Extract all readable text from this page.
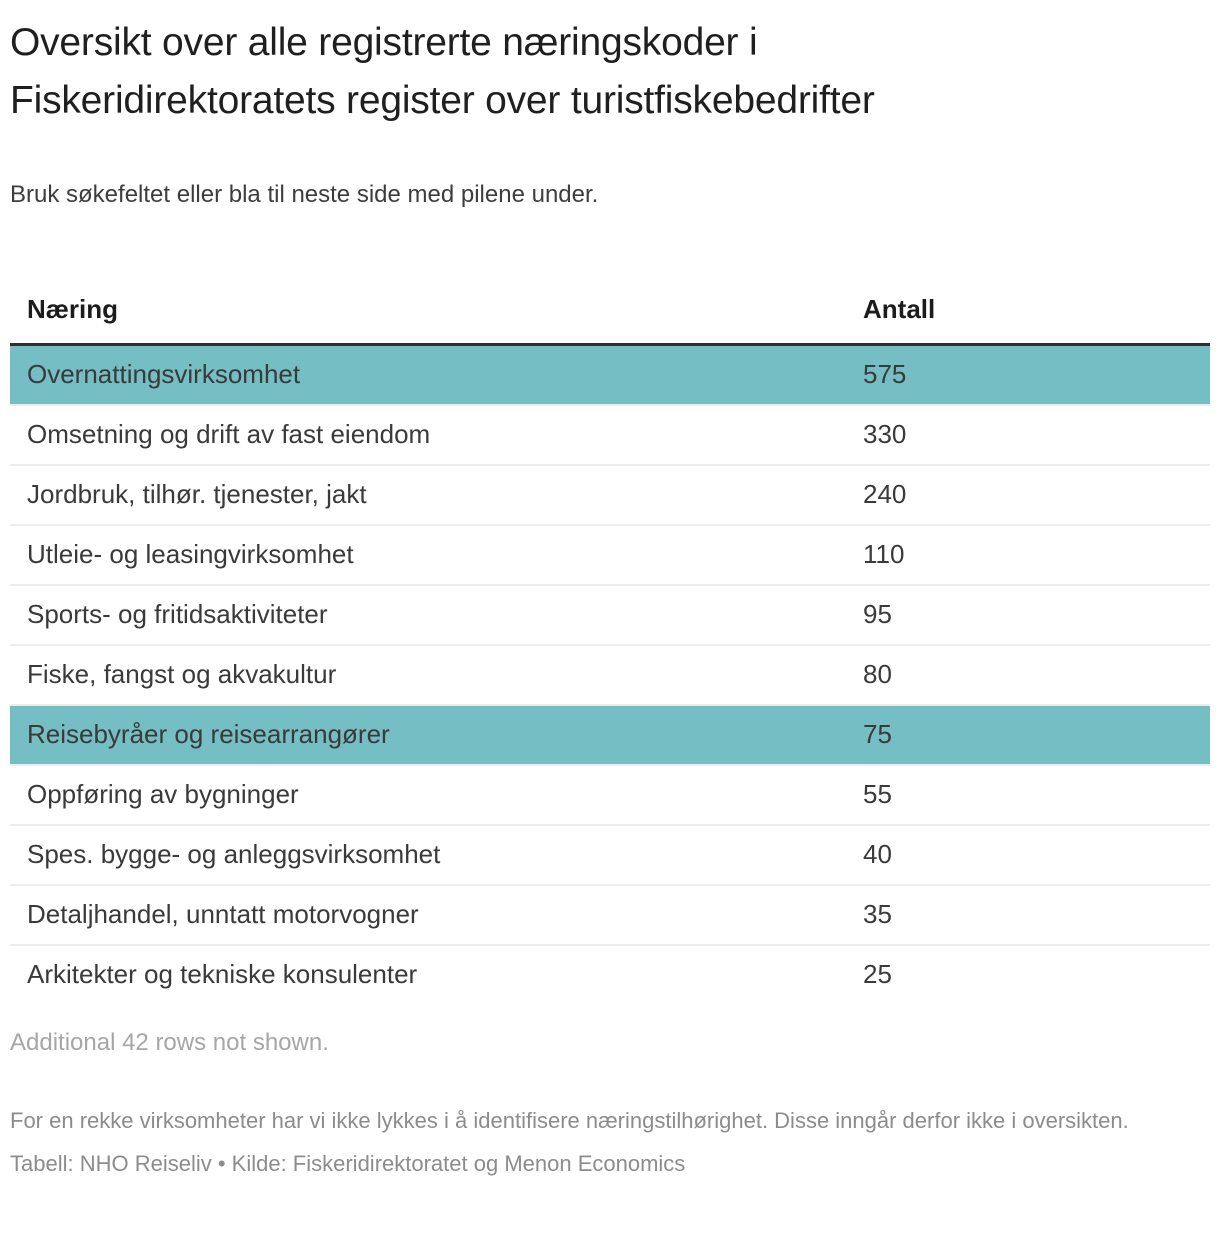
Oversikt over alle registrerte næringskoder i Fiskeridirektoratets register over turistfiskebedrifter

Bruk søkefeltet eller bla til neste side med pilene under.

Næring	Antall
Overnattingsvirksomhet	575
Omsetning og drift av fast eiendom	330
Jordbruk, tilhør. tjenester, jakt	240
Utleie- og leasingvirksomhet	110
Sports- og fritidsaktiviteter	95
Fiske, fangst og akvakultur	80
Reisebyråer og reisearrangører	75
Oppføring av bygninger	55
Spes. bygge- og anleggsvirksomhet	40
Detaljhandel, unntatt motorvogner	35
Arkitekter og tekniske konsulenter	25

Additional 42 rows not shown.

For en rekke virksomheter har vi ikke lykkes i å identifisere næringstilhørighet. Disse inngår derfor ikke i oversikten.

Tabell: NHO Reiseliv • Kilde: Fiskeridirektoratet og Menon Economics
